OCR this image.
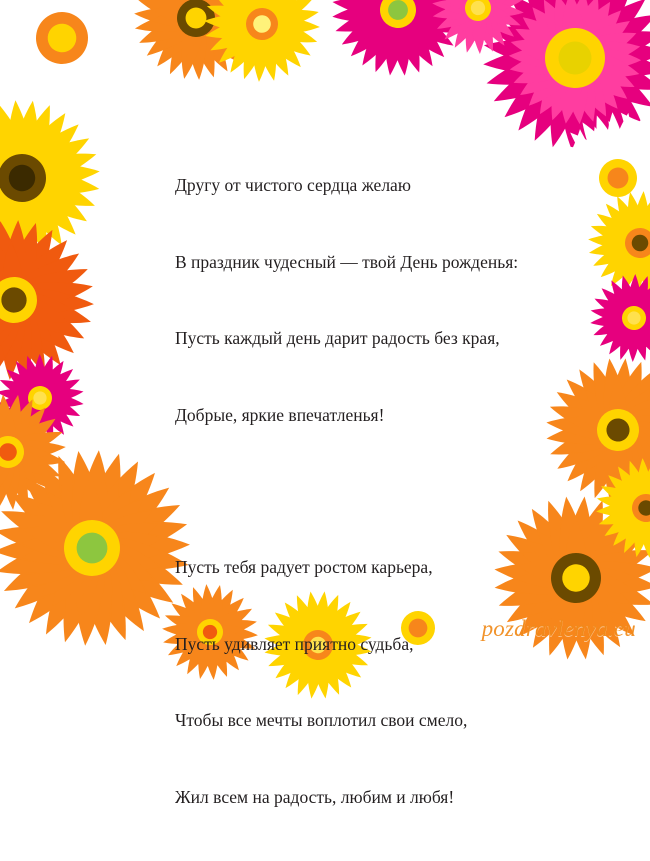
Другу от чистого сердца желаю

В праздник чудесный — твой День рожденья:

Пусть каждый день дарит радость без края,

Добрые, яркие впечатленья!

Пусть тебя радует ростом карьера,

Пусть удивляет приятно судьба,

Чтобы все мечты воплотил свои смело,

Жил всем на радость, любим и любя!

pozdravlenya.eu
